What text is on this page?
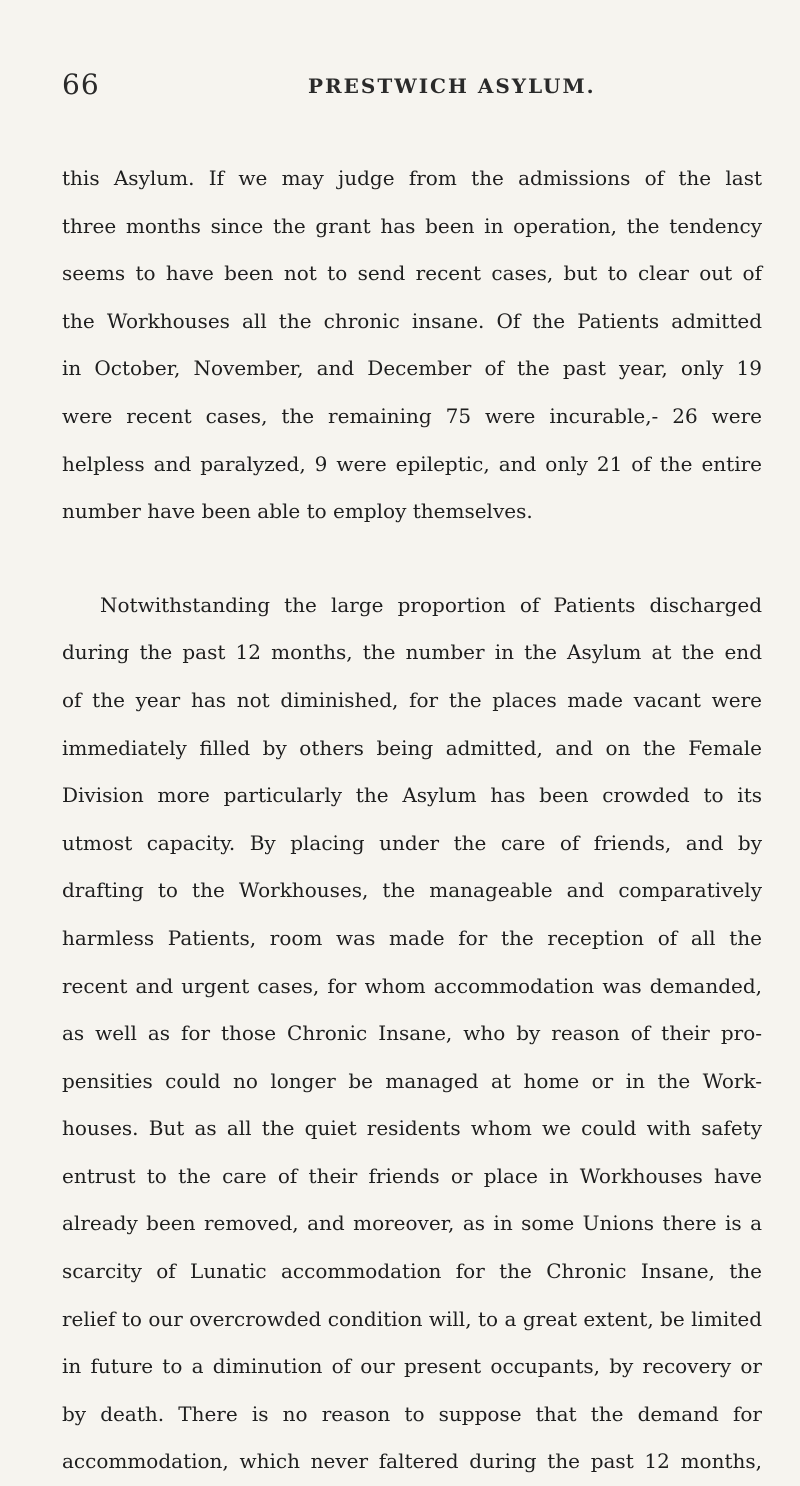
66	PRESTWICH ASYLUM.
this Asylum. If we may judge from the admissions of the last
three months since the grant has been in operation, the tendency
seems to have been not to send recent cases, but to clear out of
the Workhouses all the chronic insane. Of the Patients admitted
in October, November, and December of the past year, only 19
were recent cases, the remaining 75 were incurable,- 26 were
helpless and paralyzed, 9 were epileptic, and only 21 of the entire
number have been able to employ themselves.
Notwithstanding the large proportion of Patients discharged
during the past 12 months, the number in the Asylum at the end
of the year has not diminished, for the places made vacant were
immediately filled by others being admitted, and on the Female
Division more particularly the Asylum has been crowded to its
utmost capacity. By placing under the care of friends, and by
drafting to the Workhouses, the manageable and comparatively
harmless Patients, room was made for the reception of all the
recent and urgent cases, for whom accommodation was demanded,
as well as for those Chronic Insane, who by reason of their pro-
pensities could no longer be managed at home or in the Work-
houses. But as all the quiet residents whom we could with safety
entrust to the care of their friends or place in Workhouses have
already been removed, and moreover, as in some Unions there is a
scarcity of Lunatic accommodation for the Chronic Insane, the
relief to our overcrowded condition will, to a great extent, be limited
in future to a diminution of our present occupants, by recovery or
by death. There is no reason to suppose that the demand for
accommodation, which never faltered during the past 12 months,
